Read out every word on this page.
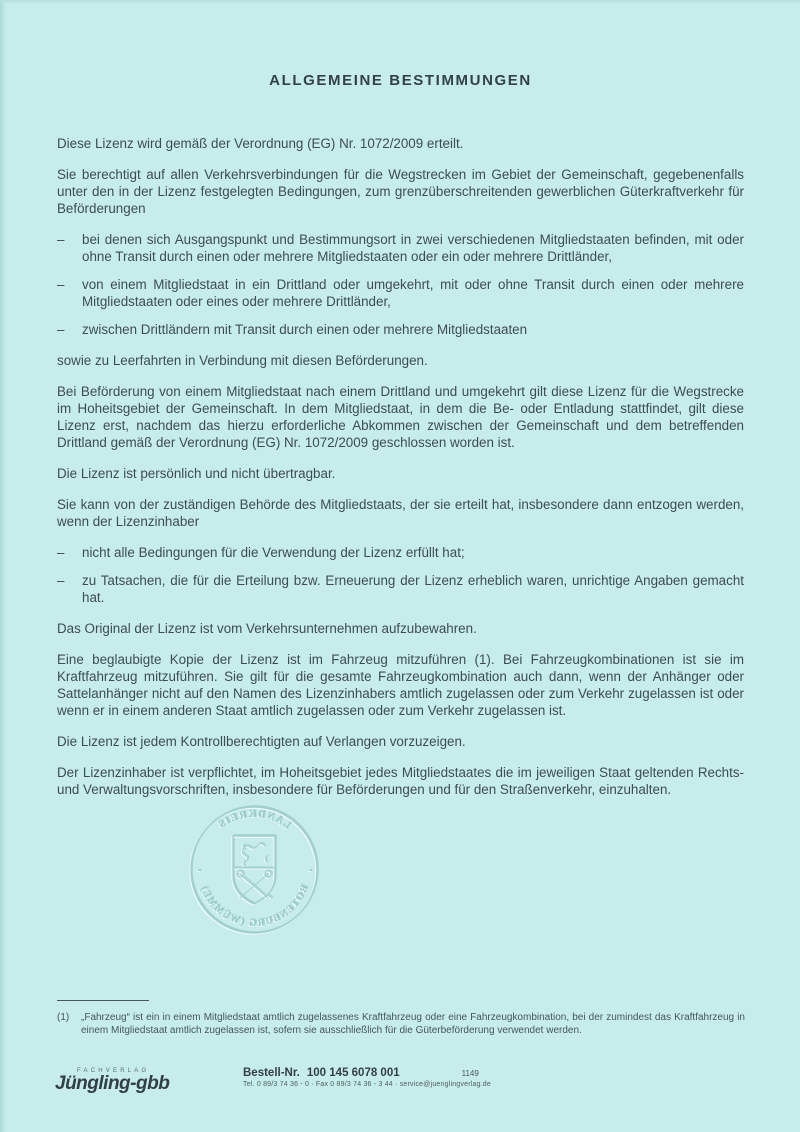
ALLGEMEINE BESTIMMUNGEN

Diese Lizenz wird gemäß der Verordnung (EG) Nr. 1072/2009 erteilt.

Sie berechtigt auf allen Verkehrsverbindungen für die Wegstrecken im Gebiet der Gemeinschaft, gegebenenfalls unter den in der Lizenz festgelegten Bedingungen, zum grenzüberschreitenden gewerblichen Güterkraftverkehr für Beförderungen

– bei denen sich Ausgangspunkt und Bestimmungsort in zwei verschiedenen Mitgliedstaaten befinden, mit oder ohne Transit durch einen oder mehrere Mitgliedstaaten oder ein oder mehrere Drittländer,
– von einem Mitgliedstaat in ein Drittland oder umgekehrt, mit oder ohne Transit durch einen oder mehrere Mitgliedstaaten oder eines oder mehrere Drittländer,
– zwischen Drittländern mit Transit durch einen oder mehrere Mitgliedstaaten

sowie zu Leerfahrten in Verbindung mit diesen Beförderungen.

Bei Beförderung von einem Mitgliedstaat nach einem Drittland und umgekehrt gilt diese Lizenz für die Wegstrecke im Hoheitsgebiet der Gemeinschaft. In dem Mitgliedstaat, in dem die Be- oder Entladung stattfindet, gilt diese Lizenz erst, nachdem das hierzu erforderliche Abkommen zwischen der Gemeinschaft und dem betreffenden Drittland gemäß der Verordnung (EG) Nr. 1072/2009 geschlossen worden ist.

Die Lizenz ist persönlich und nicht übertragbar.

Sie kann von der zuständigen Behörde des Mitgliedstaats, der sie erteilt hat, insbesondere dann entzogen werden, wenn der Lizenzinhaber

– nicht alle Bedingungen für die Verwendung der Lizenz erfüllt hat;
– zu Tatsachen, die für die Erteilung bzw. Erneuerung der Lizenz erheblich waren, unrichtige Angaben gemacht hat.

Das Original der Lizenz ist vom Verkehrsunternehmen aufzubewahren.

Eine beglaubigte Kopie der Lizenz ist im Fahrzeug mitzuführen (1). Bei Fahrzeugkombinationen ist sie im Kraftfahrzeug mitzuführen. Sie gilt für die gesamte Fahrzeugkombination auch dann, wenn der Anhänger oder Sattelanhänger nicht auf den Namen des Lizenzinhabers amtlich zugelassen oder zum Verkehr zugelassen ist oder wenn er in einem anderen Staat amtlich zugelassen oder zum Verkehr zugelassen ist.

Die Lizenz ist jedem Kontrollberechtigten auf Verlangen vorzuzeigen.

Der Lizenzinhaber ist verpflichtet, im Hoheitsgebiet jedes Mitgliedstaates die im jeweiligen Staat geltenden Rechts- und Verwaltungsvorschriften, insbesondere für Beförderungen und für den Straßenverkehr, einzuhalten.

LANDKREIS
ROTENBURG (WÜMME)
-
-
(1)	„Fahrzeug“ ist ein in einem Mitgliedstaat amtlich zugelassenes Kraftfahrzeug oder eine Fahrzeugkombination, bei der zumindest das Kraftfahrzeug in einem Mitgliedstaat amtlich zugelassen ist, sofern sie ausschließlich für die Güterbeförderung verwendet werden.
FACHVERLAG
Jüngling-gbb	Bestell-Nr. 100 145 6078 001	1149
Tel. 0 89/3 74 36 - 0 · Fax 0 89/3 74 36 - 3 44 · service@juenglingverlag.de
